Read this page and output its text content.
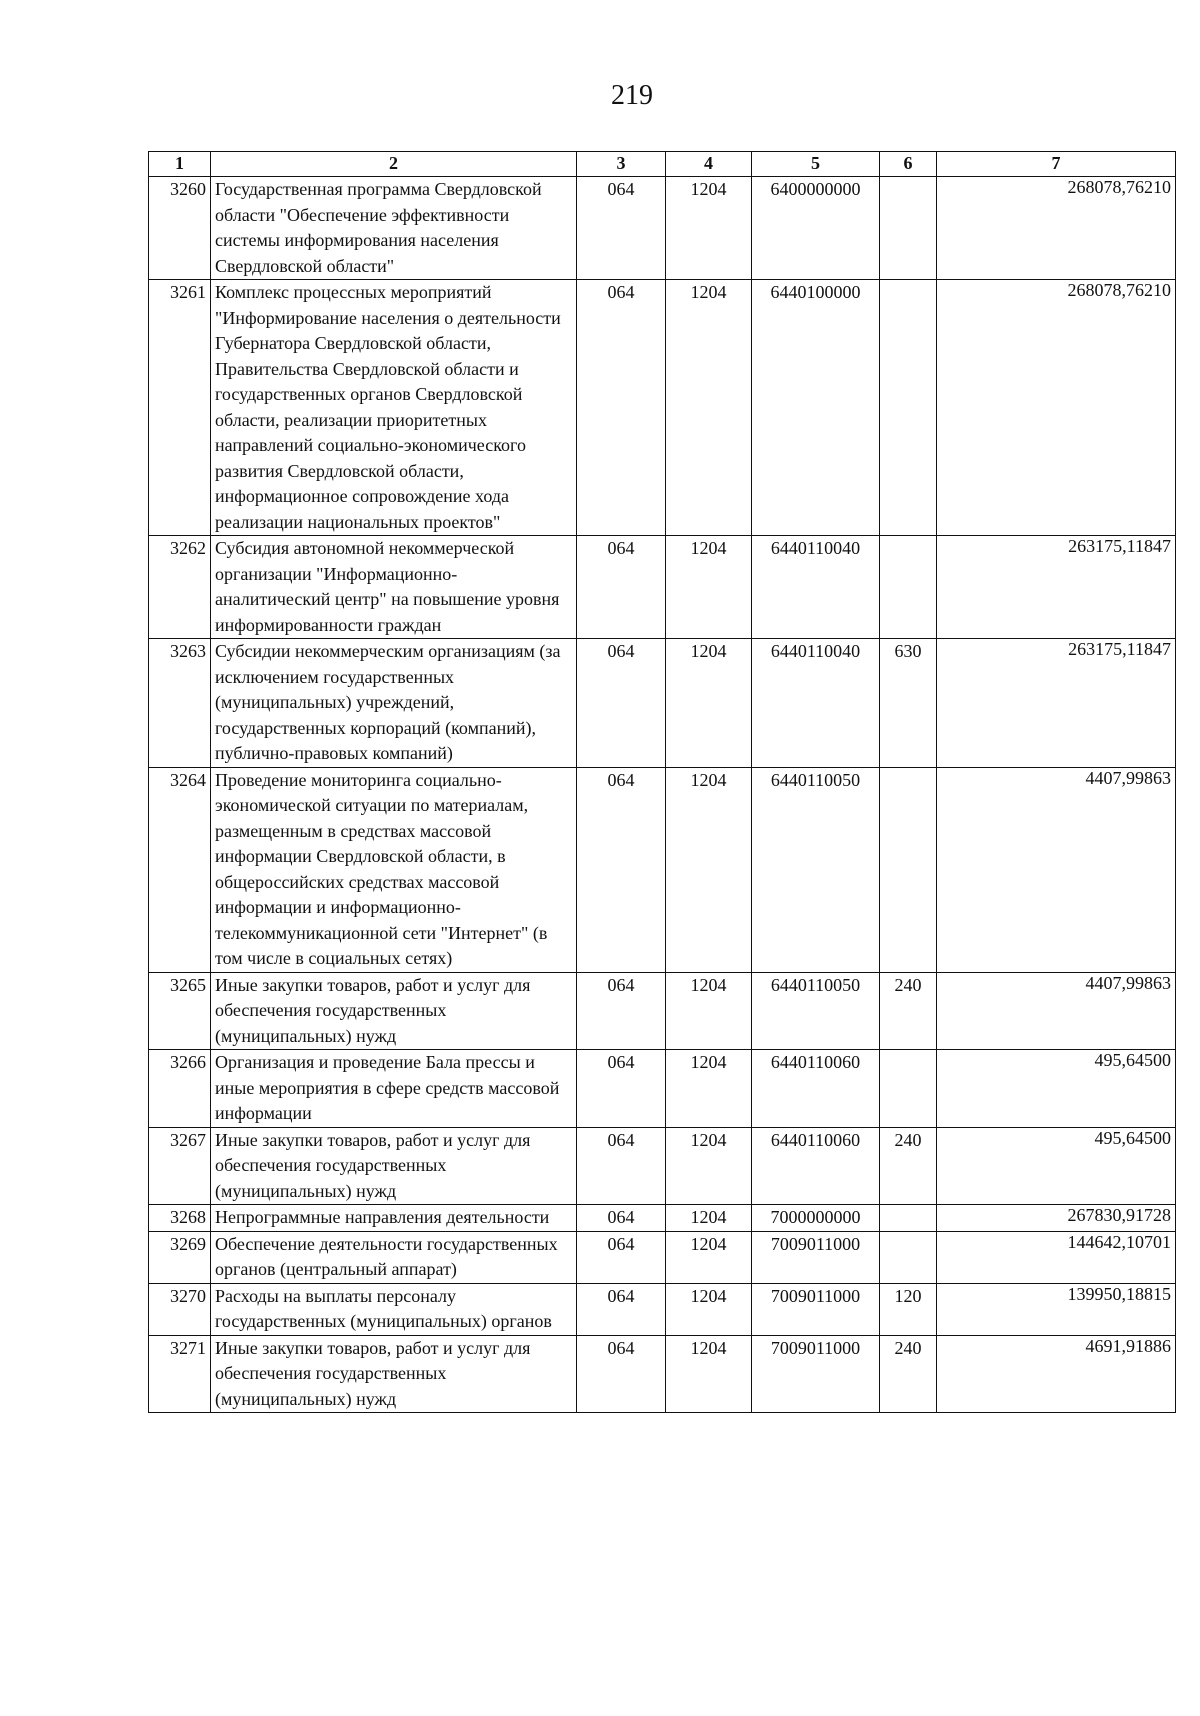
219
1	2	3	4	5	6	7
3260	Государственная программа Свердловской области "Обеспечение эффективности системы информирования населения Свердловской области"	064	1204	6400000000		268078,76210

3261	Комплекс процессных мероприятий "Информирование населения о деятельности Губернатора Свердловской области, Правительства Свердловской области и государственных органов Свердловской области, реализации приоритетных направлений социально-экономического развития Свердловской области, информационное сопровождение хода реализации национальных проектов"	064	1204	6440100000		268078,76210

3262	Субсидия автономной некоммерческой организации "Информационно-аналитический центр" на повышение уровня информированности граждан	064	1204	6440110040		263175,11847

3263	Субсидии некоммерческим организациям (за исключением государственных (муниципальных) учреждений, государственных корпораций (компаний), публично-правовых компаний)	064	1204	6440110040	630	263175,11847

3264	Проведение мониторинга социально-экономической ситуации по материалам, размещенным в средствах массовой информации Свердловской области, в общероссийских средствах массовой информации и информационно-телекоммуникационной сети "Интернет" (в том числе в социальных сетях)	064	1204	6440110050		4407,99863

3265	Иные закупки товаров, работ и услуг для обеспечения государственных (муниципальных) нужд	064	1204	6440110050	240	4407,99863

3266	Организация и проведение Бала прессы и иные мероприятия в сфере средств массовой информации	064	1204	6440110060		495,64500

3267	Иные закупки товаров, работ и услуг для обеспечения государственных (муниципальных) нужд	064	1204	6440110060	240	495,64500

3268	Непрограммные направления деятельности	064	1204	7000000000		267830,91728

3269	Обеспечение деятельности государственных органов (центральный аппарат)	064	1204	7009011000		144642,10701

3270	Расходы на выплаты персоналу государственных (муниципальных) органов	064	1204	7009011000	120	139950,18815

3271	Иные закупки товаров, работ и услуг для обеспечения государственных (муниципальных) нужд	064	1204	7009011000	240	4691,91886
